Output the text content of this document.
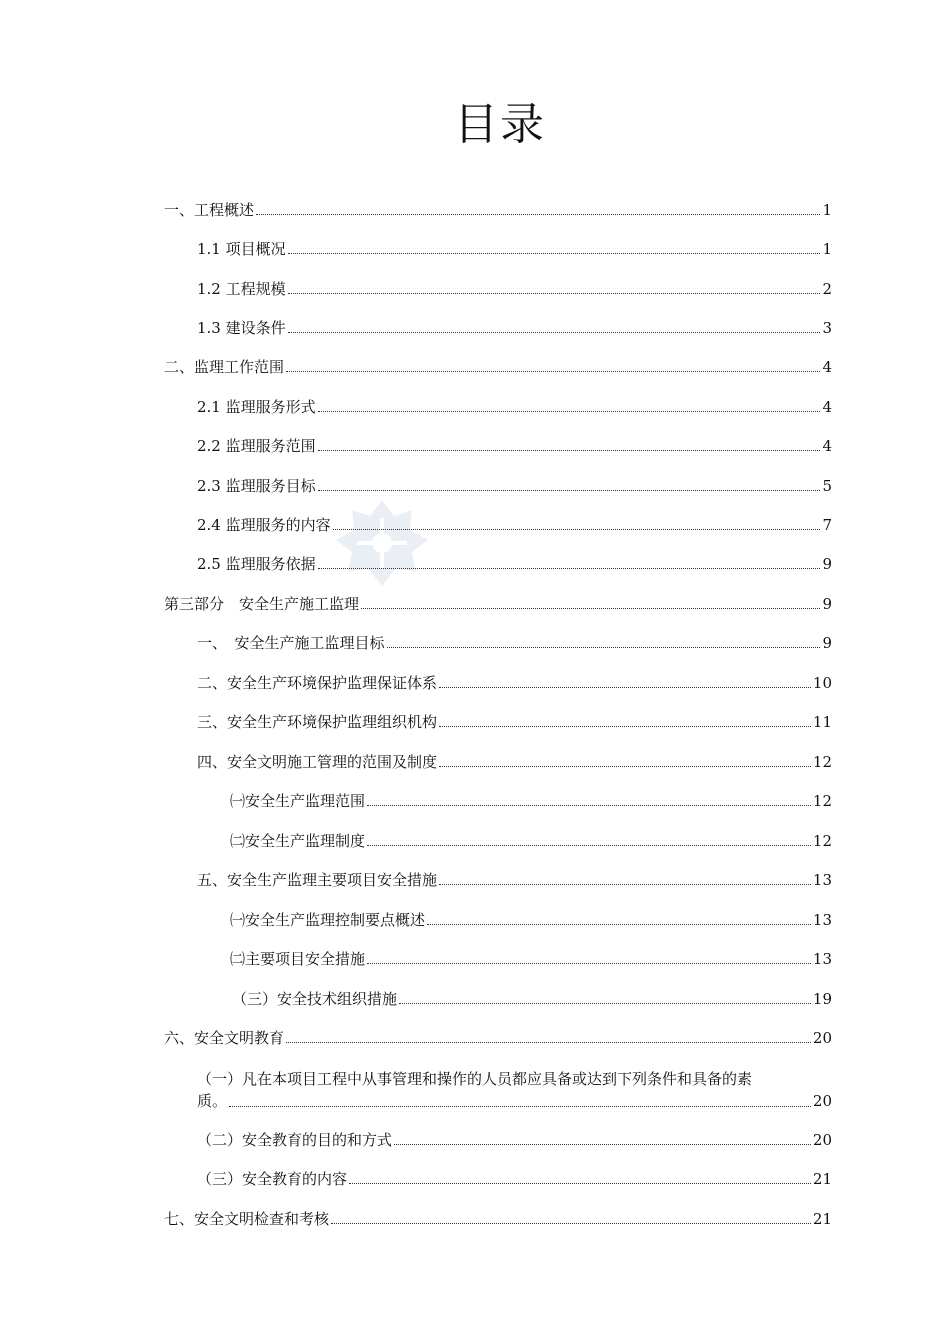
目录
一、工程概述	1
1.1 项目概况	1
1.2 工程规模	2
1.3 建设条件	3
二、监理工作范围	4
2.1 监理服务形式	4
2.2 监理服务范围	4
2.3 监理服务目标	5
2.4 监理服务的内容	7
2.5 监理服务依据	9
第三部分　安全生产施工监理	9
一、　安全生产施工监理目标	9
二、安全生产环境保护监理保证体系	10
三、安全生产环境保护监理组织机构	11
四、安全文明施工管理的范围及制度	12
㈠安全生产监理范围	12
㈡安全生产监理制度	12
五、安全生产监理主要项目安全措施	13
㈠安全生产监理控制要点概述	13
㈡主要项目安全措施	13
（三）安全技术组织措施	19
六、安全文明教育	20
（一）凡在本项目工程中从事管理和操作的人员都应具备或达到下列条件和具备的素
质。	20
（二）安全教育的目的和方式	20
（三）安全教育的内容	21
七、安全文明检查和考核	21
